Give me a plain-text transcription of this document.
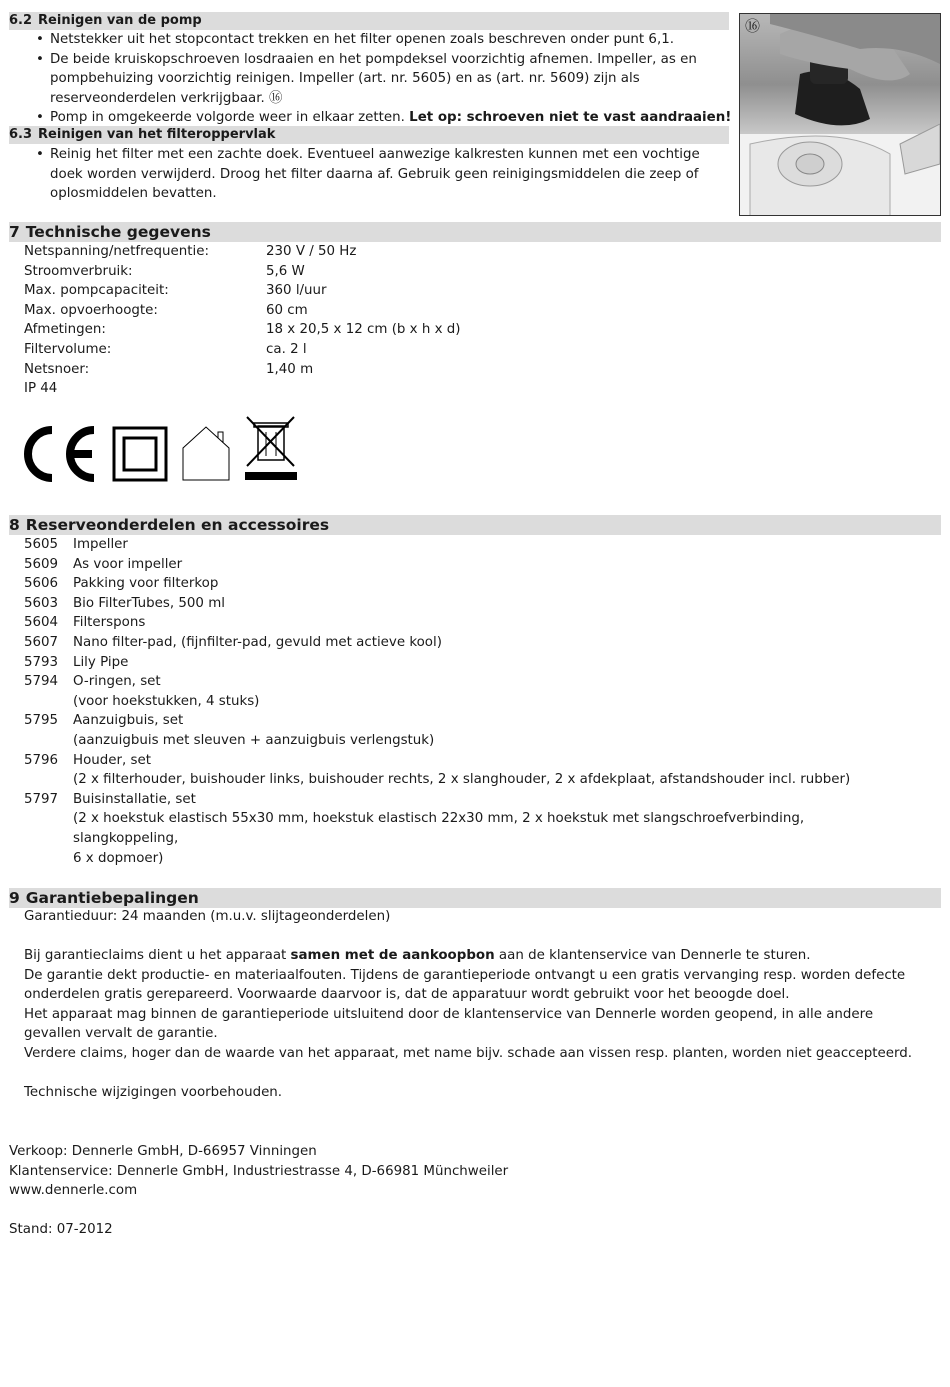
6.2 Reinigen van de pomp
• Netstekker uit het stopcontact trekken en het filter openen zoals beschreven onder punt 6,1.
• De beide kruiskopschroeven losdraaien en het pompdeksel voorzichtig afnemen. Impeller, as en pompbehuizing voorzichtig reinigen. Impeller (art. nr. 5605) en as (art. nr. 5609) zijn als reserveonderdelen verkrijgbaar. ⑯
• Pomp in omgekeerde volgorde weer in elkaar zetten. Let op: schroeven niet te vast aandraaien!
6.3 Reinigen van het filteroppervlak
• Reinig het filter met een zachte doek. Eventueel aanwezige kalkresten kunnen met een vochtige doek worden verwijderd. Droog het filter daarna af. Gebruik geen reinigingsmiddelen die zeep of oplosmiddelen bevatten.
⑯
7 Technische gegevens
Netspanning/netfrequentie:	230 V / 50 Hz
Stroomverbruik:	5,6 W
Max. pompcapaciteit:	360 l/uur
Max. opvoerhoogte:	60 cm
Afmetingen:	18 x 20,5 x 12 cm (b x h x d)
Filtervolume:	ca. 2 l
Netsnoer:	1,40 m
IP 44
8 Reserveonderdelen en accessoires
5605	Impeller
5609	As voor impeller
5606	Pakking voor filterkop
5603	Bio FilterTubes, 500 ml
5604	Filterspons
5607	Nano filter-pad, (fijnfilter-pad, gevuld met actieve kool)
5793	Lily Pipe
5794	O-ringen, set
(voor hoekstukken, 4 stuks)
5795	Aanzuigbuis, set
(aanzuigbuis met sleuven + aanzuigbuis verlengstuk)
5796	Houder, set
(2 x filterhouder, buishouder links, buishouder rechts, 2 x slanghouder, 2 x afdekplaat, afstandshouder incl. rubber)
5797	Buisinstallatie, set
(2 x hoekstuk elastisch 55x30 mm, hoekstuk elastisch 22x30 mm, 2 x hoekstuk met slangschroefverbinding, slangkoppeling,
6 x dopmoer)
9 Garantiebepalingen
Garantieduur: 24 maanden (m.u.v. slijtageonderdelen)
Bij garantieclaims dient u het apparaat samen met de aankoopbon aan de klantenservice van Dennerle te sturen.
De garantie dekt productie- en materiaalfouten. Tijdens de garantieperiode ontvangt u een gratis vervanging resp. worden defecte onderdelen gratis gerepareerd. Voorwaarde daarvoor is, dat de apparatuur wordt gebruikt voor het beoogde doel.
Het apparaat mag binnen de garantieperiode uitsluitend door de klantenservice van Dennerle worden geopend, in alle andere gevallen vervalt de garantie.
Verdere claims, hoger dan de waarde van het apparaat, met name bijv. schade aan vissen resp. planten, worden niet geaccepteerd.
Technische wijzigingen voorbehouden.
Verkoop: Dennerle GmbH, D-66957 Vinningen
Klantenservice: Dennerle GmbH, Industriestrasse 4, D-66981 Münchweiler
www.dennerle.com
Stand: 07-2012
